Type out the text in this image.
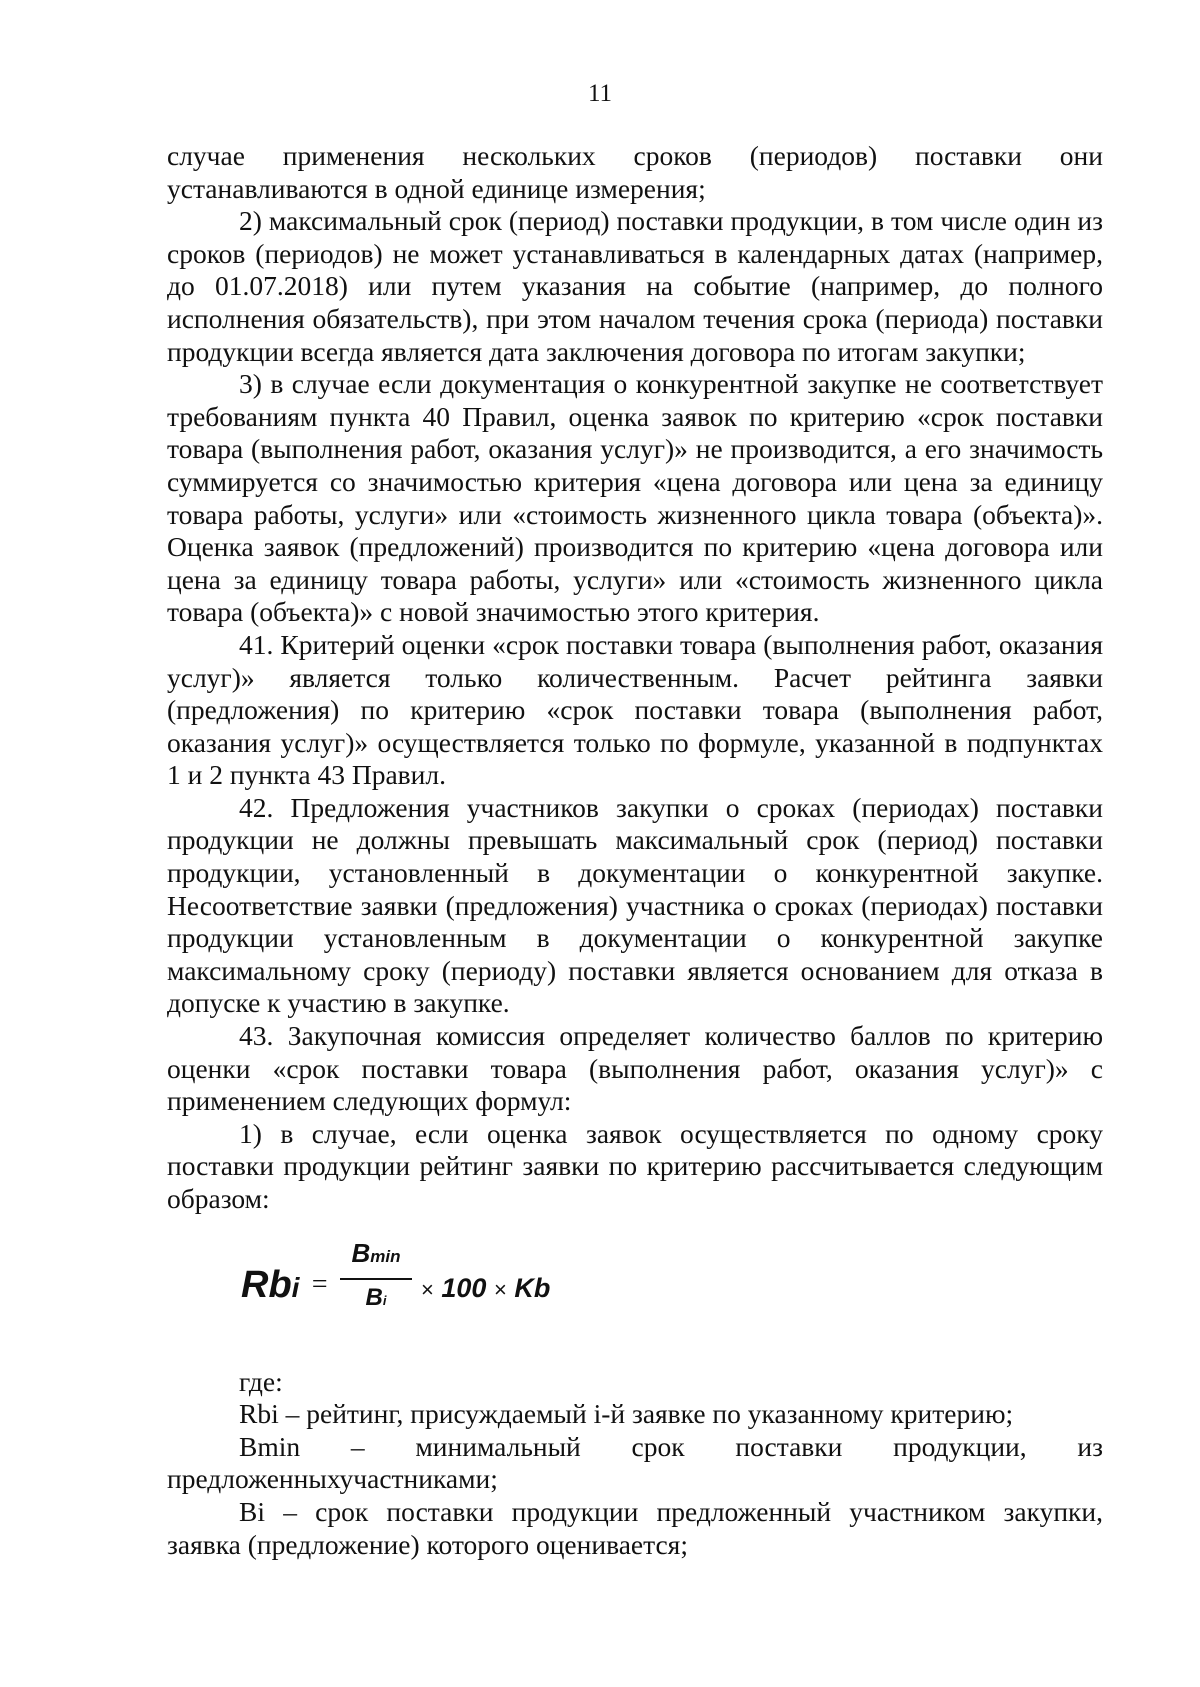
11

случае применения нескольких сроков (периодов) поставки они устанавливаются в одной единице измерения;

2) максимальный срок (период) поставки продукции, в том числе один из сроков (периодов) не может устанавливаться в календарных датах (например, до 01.07.2018) или путем указания на событие (например, до полного исполнения обязательств), при этом началом течения срока (периода) поставки продукции всегда является дата заключения договора по итогам закупки;

3) в случае если документация о конкурентной закупке не соответствует требованиям пункта 40 Правил, оценка заявок по критерию «срок поставки товара (выполнения работ, оказания услуг)» не производится, а его значимость суммируется со значимостью критерия «цена договора или цена за единицу товара работы, услуги» или «стоимость жизненного цикла товара (объекта)». Оценка заявок (предложений) производится по критерию «цена договора или цена за единицу товара работы, услуги» или «стоимость жизненного цикла товара (объекта)» с новой значимостью этого критерия.

41. Критерий оценки «срок поставки товара (выполнения работ, оказания услуг)» является только количественным. Расчет рейтинга заявки (предложения) по критерию «срок поставки товара (выполнения работ, оказания услуг)» осуществляется только по формуле, указанной в подпунктах 1 и 2 пункта 43 Правил.

42. Предложения участников закупки о сроках (периодах) поставки продукции не должны превышать максимальный срок (период) поставки продукции, установленный в документации о конкурентной закупке. Несоответствие заявки (предложения) участника о сроках (периодах) поставки продукции установленным в документации о конкурентной закупке максимальному сроку (периоду) поставки является основанием для отказа в допуске к участию в закупке.

43. Закупочная комиссия определяет количество баллов по критерию оценки «срок поставки товара (выполнения работ, оказания услуг)» с применением следующих формул:

1) в случае, если оценка заявок осуществляется по одному сроку поставки продукции рейтинг заявки по критерию рассчитывается следующим образом:

Rbi =
Bmin
Bi	× 100 × Kb

где:

Rbi – рейтинг, присуждаемый i-й заявке по указанному критерию;

Bmin – минимальный срок поставки продукции, из предложенныхучастниками;

Bi – срок поставки продукции предложенный участником закупки, заявка (предложение) которого оценивается;
